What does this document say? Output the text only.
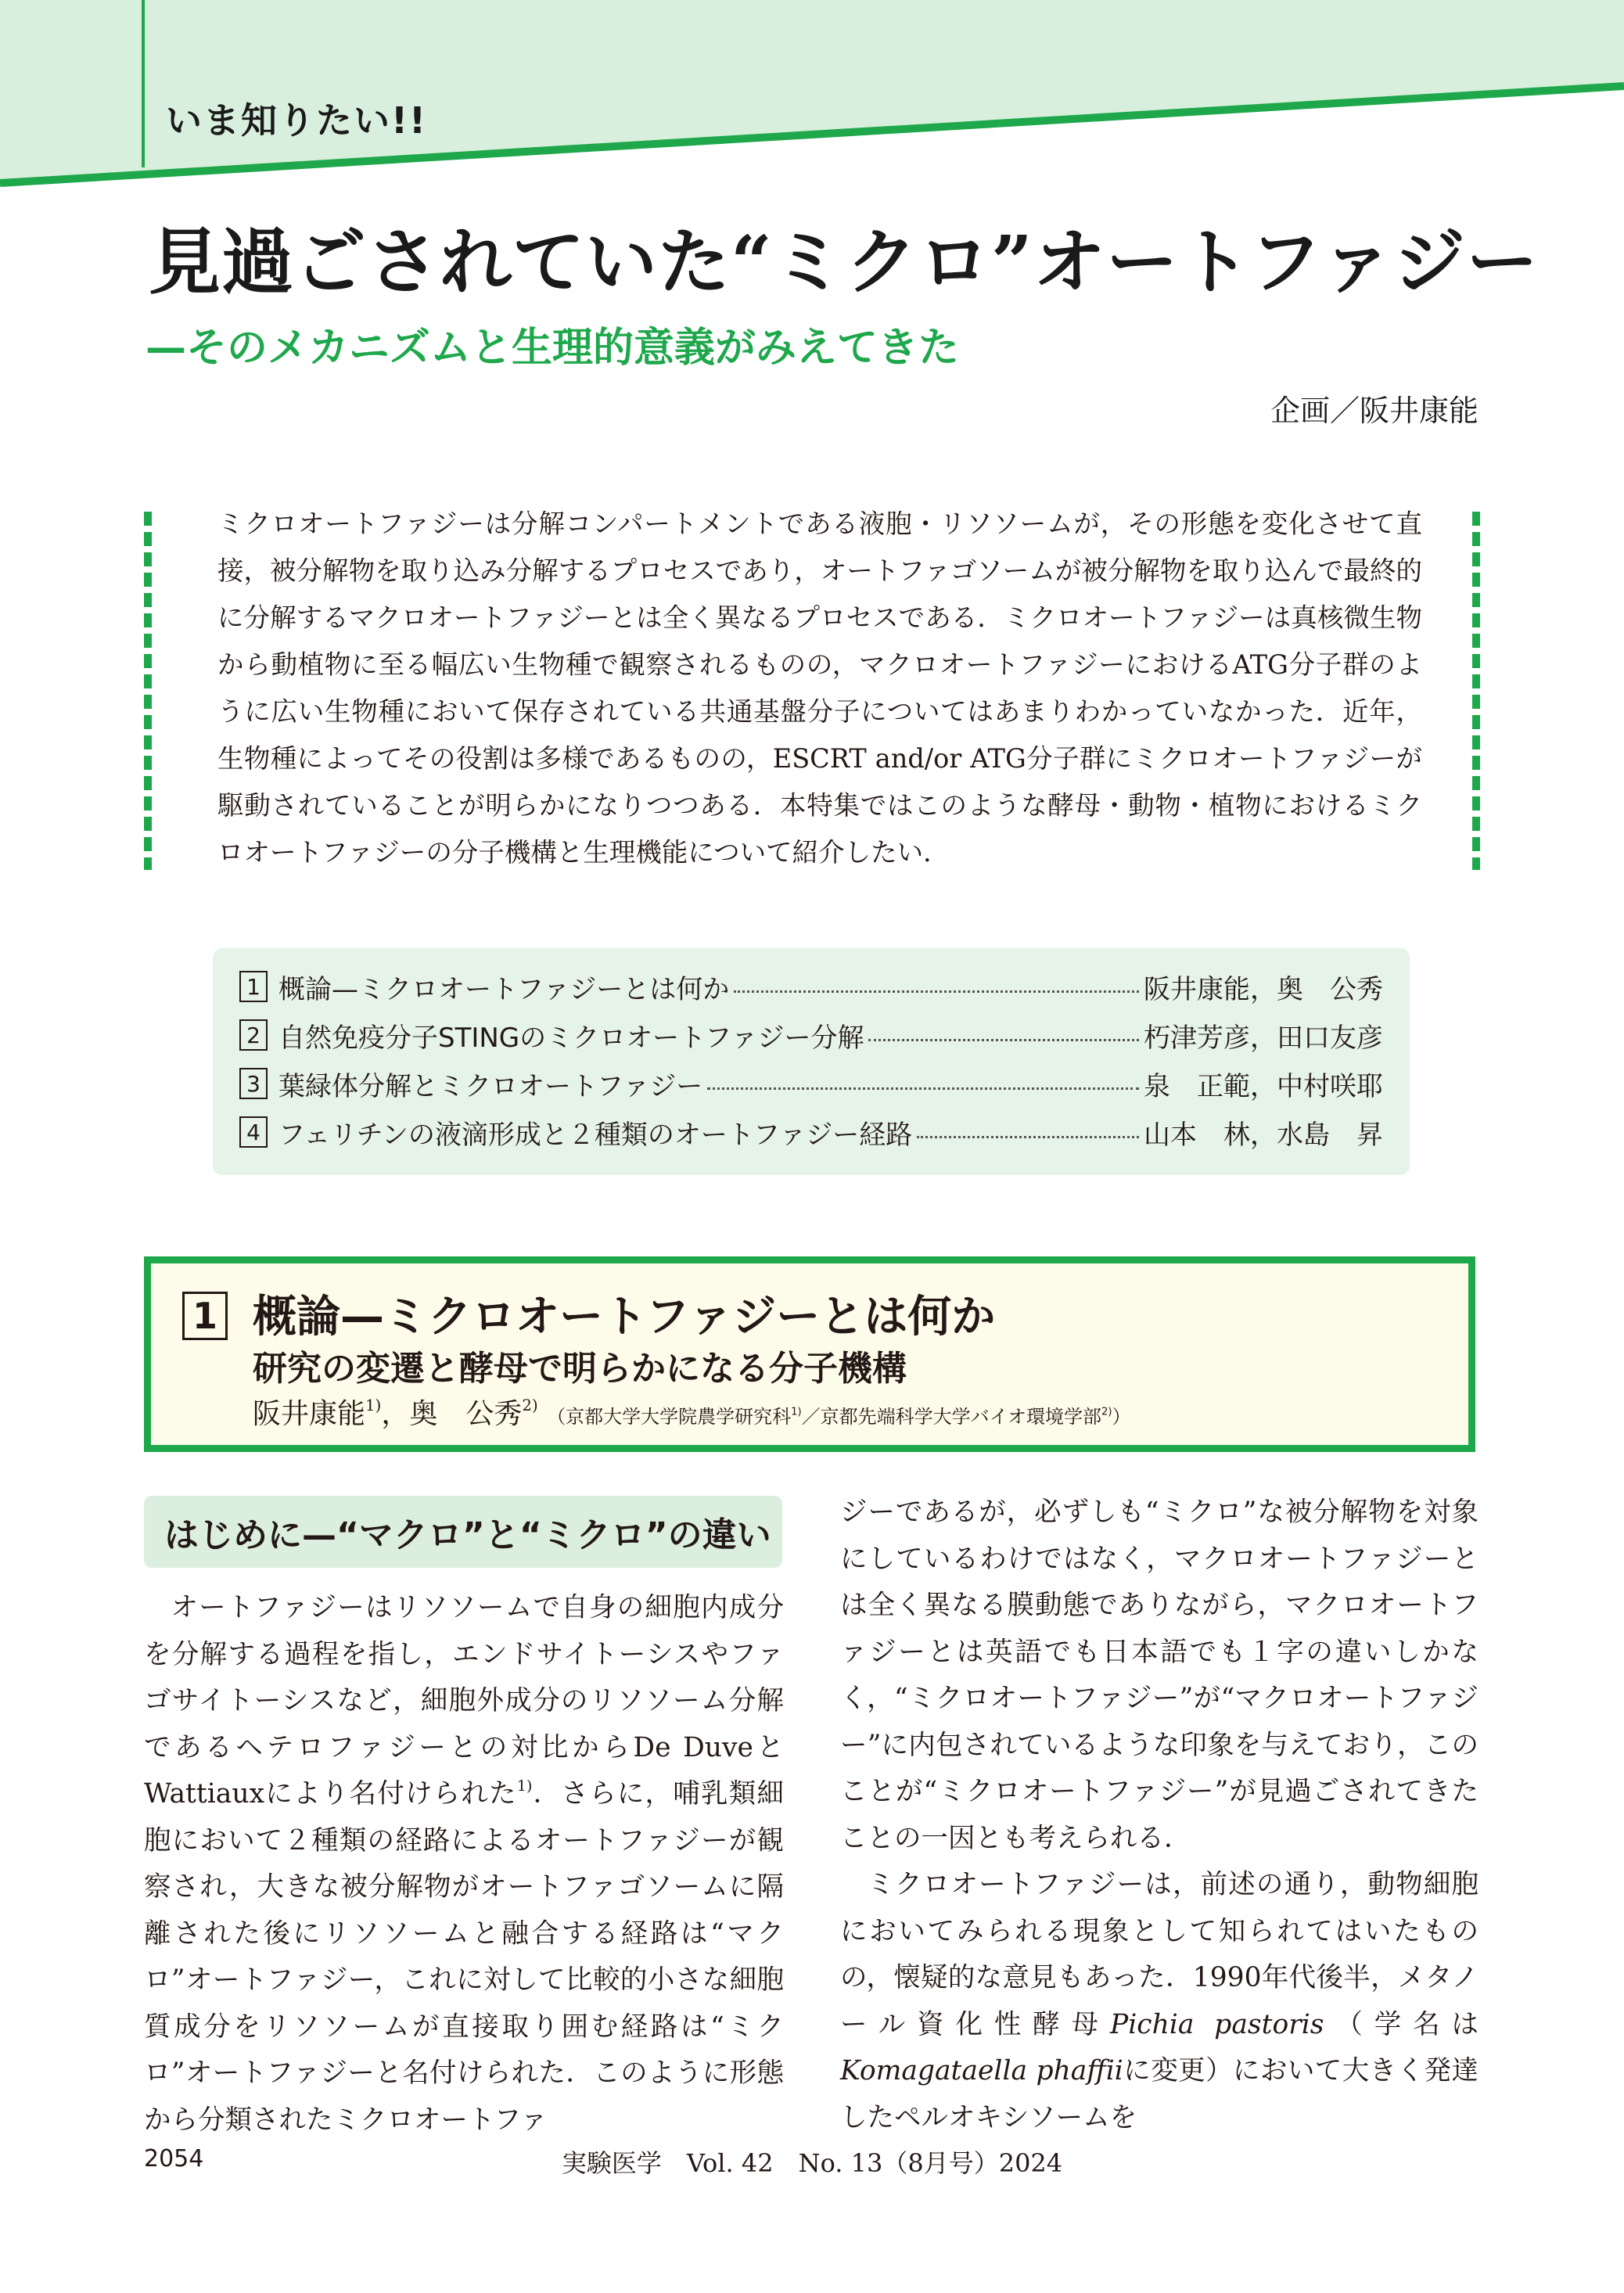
いま知りたい!!
見過ごされていた“ミクロ”オートファジー
—そのメカニズムと生理的意義がみえてきた
企画／阪井康能
ミクロオートファジーは分解コンパートメントである液胞・リソソームが，その形態を変化させて直接，被分解物を取り込み分解するプロセスであり，オートファゴソームが被分解物を取り込んで最終的に分解するマクロオートファジーとは全く異なるプロセスである．ミクロオートファジーは真核微生物から動植物に至る幅広い生物種で観察されるものの，マクロオートファジーにおけるATG分子群のように広い生物種において保存されている共通基盤分子についてはあまりわかっていなかった．近年，生物種によってその役割は多様であるものの，ESCRT and/or ATG分子群にミクロオートファジーが駆動されていることが明らかになりつつある．本特集ではこのような酵母・動物・植物におけるミクロオートファジーの分子機構と生理機能について紹介したい．
1 概論—ミクロオートファジーとは何か	阪井康能，奥　公秀
2 自然免疫分子STINGのミクロオートファジー分解	朽津芳彦，田口友彦
3 葉緑体分解とミクロオートファジー	泉　正範，中村咲耶
4 フェリチンの液滴形成と２種類のオートファジー経路	山本　林，水島　昇
1 概論—ミクロオートファジーとは何か
研究の変遷と酵母で明らかになる分子機構
阪井康能$^{1)}$，奥　公秀$^{2)}$ （京都大学大学院農学研究科$^{1)}$／京都先端科学大学バイオ環境学部$^{2)}$）
はじめに—“マクロ”と“ミクロ”の違い

オートファジーはリソソームで自身の細胞内成分を分解する過程を指し，エンドサイトーシスやファゴサイトーシスなど，細胞外成分のリソソーム分解であるヘテロファジーとの対比からDe DuveとWattiauxにより名付けられた$^{1)}$．さらに，哺乳類細胞において２種類の経路によるオートファジーが観察され，大きな被分解物がオートファゴソームに隔離された後にリソソームと融合する経路は“マクロ”オートファジー，これに対して比較的小さな細胞質成分をリソソームが直接取り囲む経路は“ミクロ”オートファジーと名付けられた．このように形態から分類されたミクロオートファ

ジーであるが，必ずしも“ミクロ”な被分解物を対象にしているわけではなく，マクロオートファジーとは全く異なる膜動態でありながら，マクロオートファジーとは英語でも日本語でも１字の違いしかなく，“ミクロオートファジー”が“マクロオートファジー”に内包されているような印象を与えており，このことが“ミクロオートファジー”が見過ごされてきたことの一因とも考えられる．

ミクロオートファジーは，前述の通り，動物細胞においてみられる現象として知られてはいたものの，懐疑的な意見もあった．1990年代後半，メタノール資化性酵母Pichia pastoris（学名はKomagataella phaffiiに変更）において大きく発達したペルオキシソームを

2054	実験医学　Vol. 42　No. 13（8月号）2024
